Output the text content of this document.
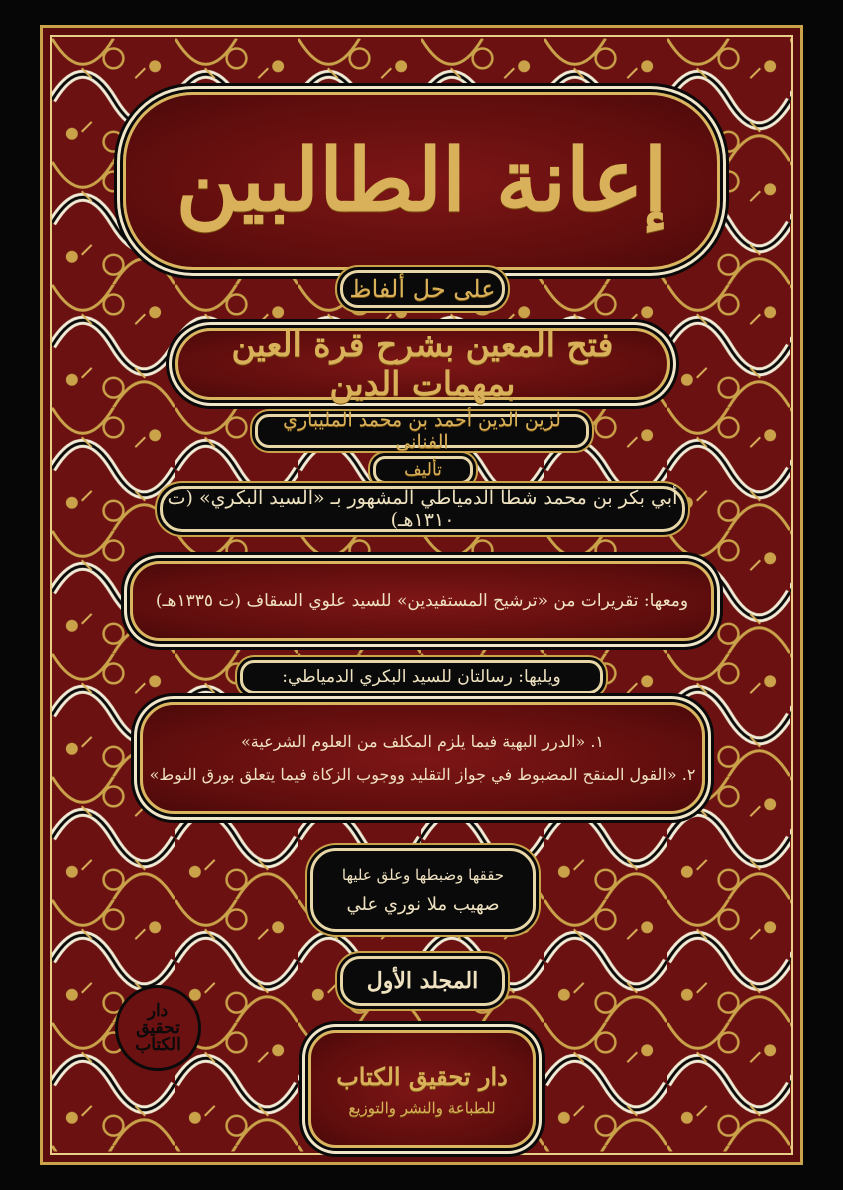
إعانة الطالبين
على حل ألفاظ
فتح المعين بشرح قرة العين بمهمات الدين
لزين الدين أحمد بن محمد المليباري الفناني
تأليف
أبي بكر بن محمد شطا الدمياطي المشهور بـ «السيد البكري» (ت ١٣١٠هـ)
ومعها: تقريرات من «ترشيح المستفيدين» للسيد علوي السقاف (ت ١٣٣٥هـ)
ويليها: رسالتان للسيد البكري الدمياطي:
١. «الدرر البهية فيما يلزم المكلف من العلوم الشرعية»
٢. «القول المنقح المضبوط في جواز التقليد ووجوب الزكاة فيما يتعلق بورق النوط»
حققها وضبطها وعلق عليها
صهيب ملا نوري علي
المجلد الأول
دار تحقيق الكتاب
للطباعة والنشر والتوزيع
دار
تحقيق
الكتاب
